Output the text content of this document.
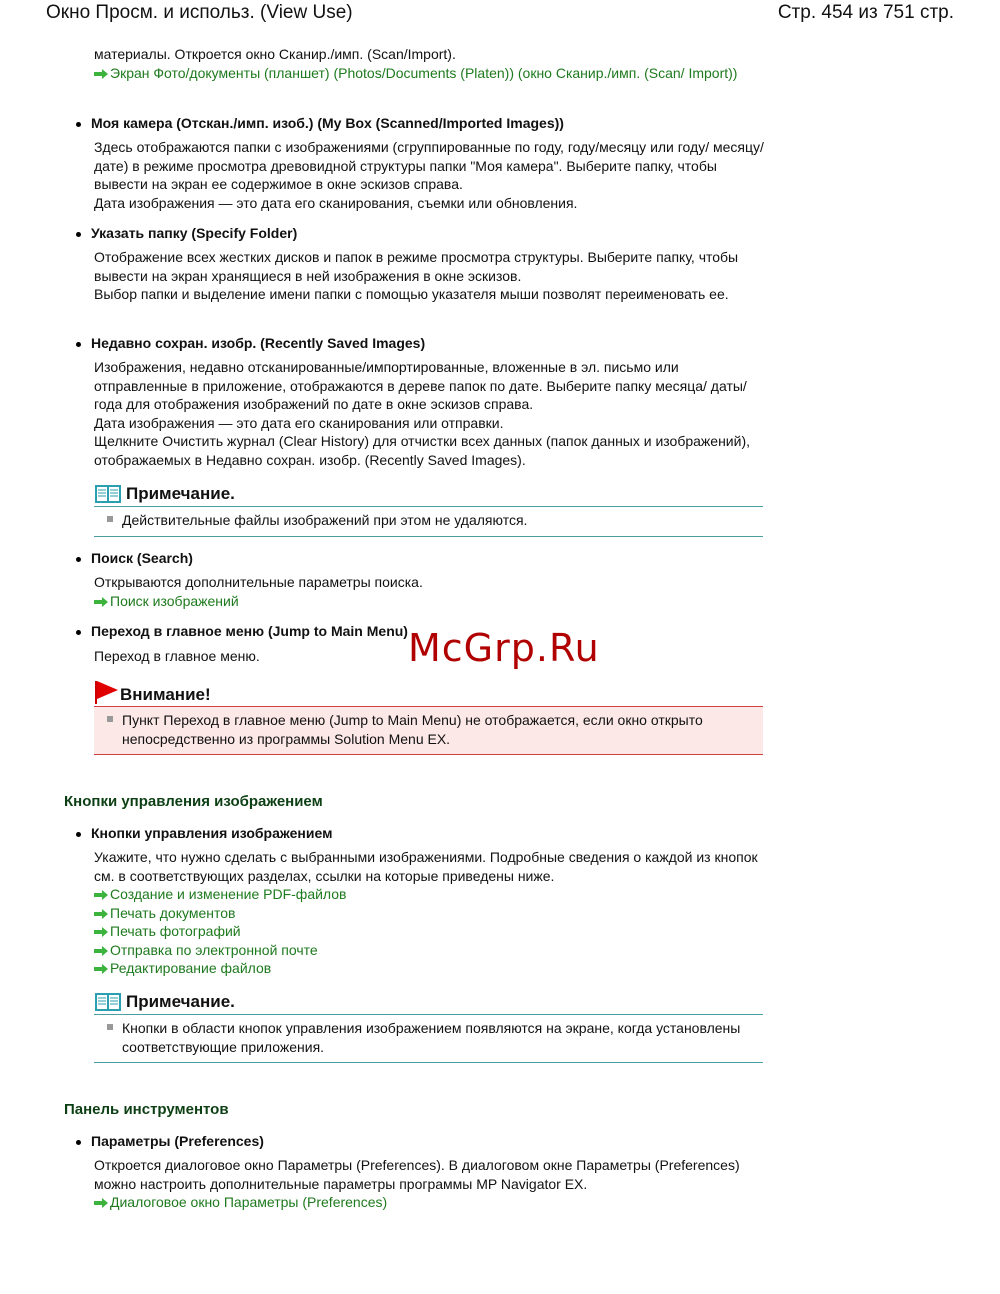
Окно Просм. и использ. (View Use)	Стр. 454 из 751 стр.
материалы. Откроется окно Сканир./имп. (Scan/Import).
Экран Фото/документы (планшет) (Photos/Documents (Platen)) (окно Сканир./имп. (Scan/ Import))
Моя камера (Отскан./имп. изоб.) (My Box (Scanned/Imported Images))
Здесь отображаются папки с изображениями (сгруппированные по году, году/месяцу или году/ месяцу/дате) в режиме просмотра древовидной структуры папки "Моя камера". Выберите папку, чтобы вывести на экран ее содержимое в окне эскизов справа.
Дата изображения — это дата его сканирования, съемки или обновления.
Указать папку (Specify Folder)
Отображение всех жестких дисков и папок в режиме просмотра структуры. Выберите папку, чтобы вывести на экран хранящиеся в ней изображения в окне эскизов.
Выбор папки и выделение имени папки с помощью указателя мыши позволят переименовать ее.
Недавно сохран. изобр. (Recently Saved Images)
Изображения, недавно отсканированные/импортированные, вложенные в эл. письмо или отправленные в приложение, отображаются в дереве папок по дате. Выберите папку месяца/ даты/года для отображения изображений по дате в окне эскизов справа.
Дата изображения — это дата его сканирования или отправки.
Щелкните Очистить журнал (Clear History) для отчистки всех данных (папок данных и изображений), отображаемых в Недавно сохран. изобр. (Recently Saved Images).
Примечание.
Действительные файлы изображений при этом не удаляются.
Поиск (Search)
Открываются дополнительные параметры поиска.
Поиск изображений
Переход в главное меню (Jump to Main Menu)
Переход в главное меню.
Внимание!
Пункт Переход в главное меню (Jump to Main Menu) не отображается, если окно открыто непосредственно из программы Solution Menu EX.
Кнопки управления изображением
Кнопки управления изображением
Укажите, что нужно сделать с выбранными изображениями. Подробные сведения о каждой из кнопок см. в соответствующих разделах, ссылки на которые приведены ниже.
Создание и изменение PDF-файлов
Печать документов
Печать фотографий
Отправка по электронной почте
Редактирование файлов
Примечание.
Кнопки в области кнопок управления изображением появляются на экране, когда установлены соответствующие приложения.
Панель инструментов
Параметры (Preferences)
Откроется диалоговое окно Параметры (Preferences). В диалоговом окне Параметры (Preferences) можно настроить дополнительные параметры программы MP Navigator EX.
Диалоговое окно Параметры (Preferences)
McGrp.Ru
